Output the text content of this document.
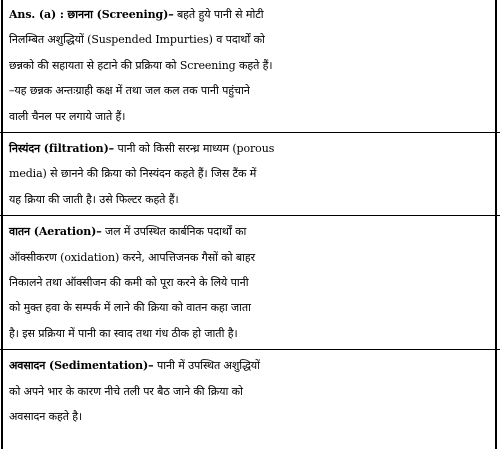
Ans. (a) : छानना (Screening)– बहते हुये पानी से मोटी
निलम्बित अशुद्धियों (Suspended Impurties) व पदार्थों को
छन्नको की सहायता से हटाने की प्रक्रिया को Screening कहते हैं।
–यह छन्नक अन्तःग्राही कक्ष में तथा जल कल तक पानी पहुंचाने
वाली चैनल पर लगाये जाते हैं।

निस्यंदन (filtration)– पानी को किसी सरन्ध्र माध्यम (porous
media) से छानने की क्रिया को निस्यंदन कहते हैं। जिस टैंक में
यह क्रिया की जाती है। उसे फिल्टर कहते हैं।

वातन (Aeration)– जल में उपस्थित कार्बनिक पदार्थों का
ऑक्सीकरण (oxidation) करने, आपत्तिजनक गैसों को बाहर
निकालने तथा ऑक्सीजन की कमी को पूरा करने के लिये पानी
को मुक्त हवा के सम्पर्क में लाने की क्रिया को वातन कहा जाता
है। इस प्रक्रिया में पानी का स्वाद तथा गंध ठीक हो जाती है।

अवसादन (Sedimentation)– पानी में उपस्थित अशुद्धियों
को अपने भार के कारण नीचे तली पर बैठ जाने की क्रिया को
अवसादन कहते है।
